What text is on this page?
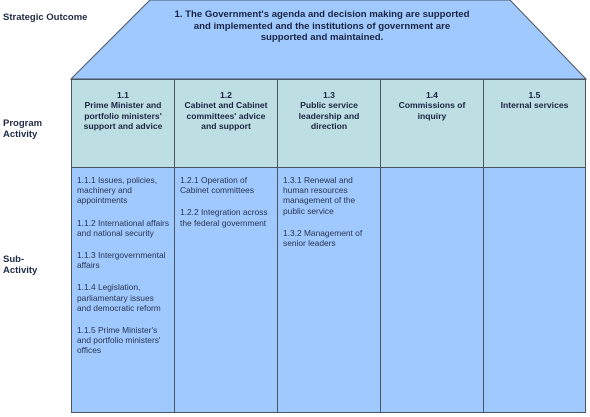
Strategic Outcome
Program Activity
Sub- Activity
1. The Government's agenda and decision making are supported and implemented and the institutions of government are supported and maintained.
1.1
Prime Minister and portfolio ministers' support and advice
1.1.1 Issues, policies, machinery and appointments
1.1.2 International affairs and national security
1.1.3 Intergovernmental affairs
1.1.4 Legislation, parliamentary issues and democratic reform
1.1.5 Prime Minister's and portfolio ministers' offices
1.2
Cabinet and Cabinet committees' advice and support
1.2.1 Operation of Cabinet committees
1.2.2 Integration across the federal government
1.3
Public service leadership and direction
1.3.1 Renewal and human resources management of the public service
1.3.2 Management of senior leaders
1.4
Commissions of inquiry
1.5
Internal services
